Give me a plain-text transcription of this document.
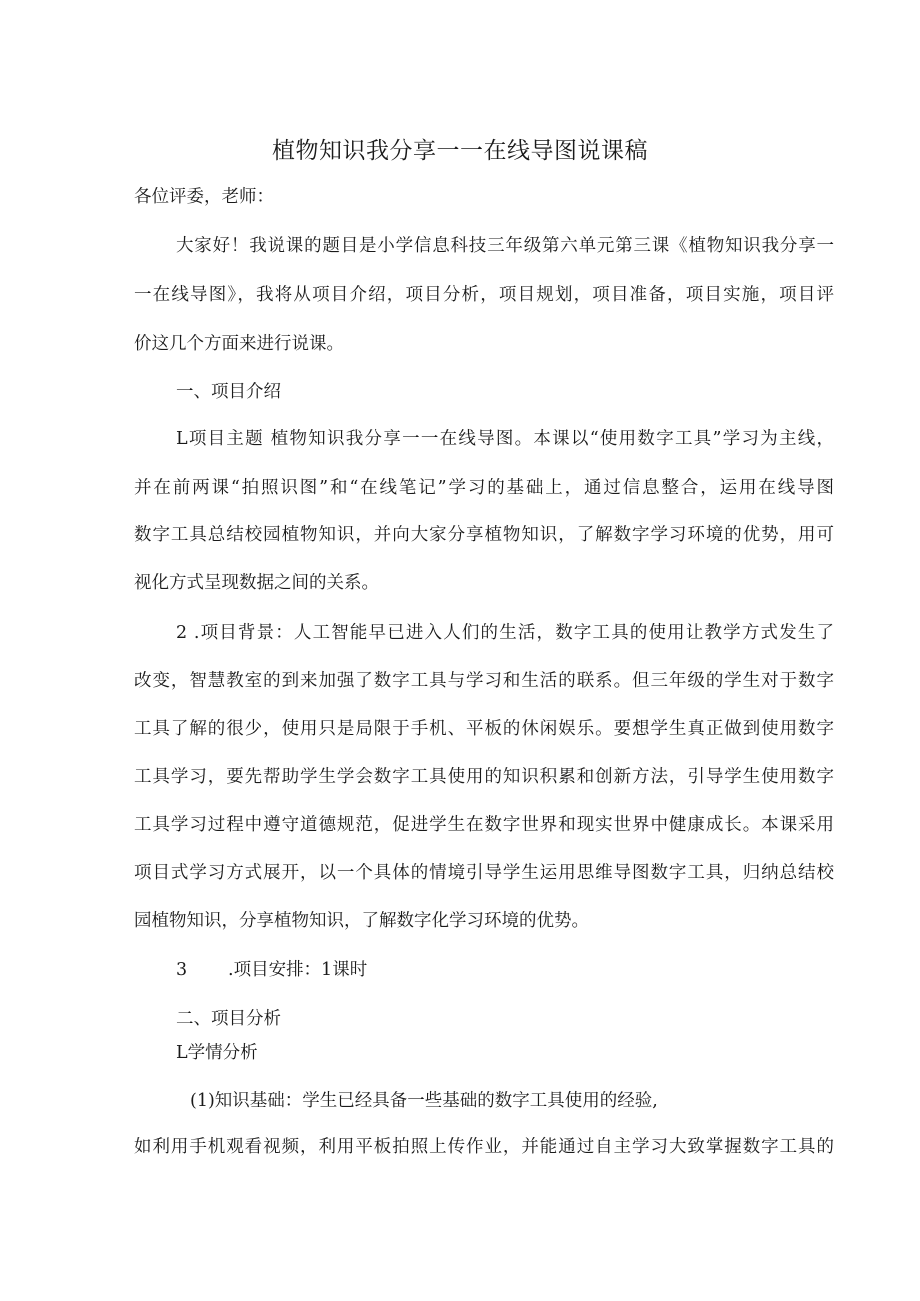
植物知识我分享一一在线导图说课稿
各位评委，老师：
大家好！我说课的题目是小学信息科技三年级第六单元第三课《植物知识我分享一
一在线导图》，我将从项目介绍，项目分析，项目规划，项目准备，项目实施，项目评
价这几个方面来进行说课。
一、项目介绍
L项目主题 植物知识我分享一一在线导图。本课以“使用数字工具”学习为主线，
并在前两课“拍照识图”和“在线笔记”学习的基础上，通过信息整合，运用在线导图
数字工具总结校园植物知识，并向大家分享植物知识，了解数字学习环境的优势，用可
视化方式呈现数据之间的关系。
2 .项目背景：人工智能早已进入人们的生活，数字工具的使用让教学方式发生了
改变，智慧教室的到来加强了数字工具与学习和生活的联系。但三年级的学生对于数字
工具了解的很少，使用只是局限于手机、平板的休闲娱乐。要想学生真正做到使用数字
工具学习，要先帮助学生学会数字工具使用的知识积累和创新方法，引导学生使用数字
工具学习过程中遵守道德规范，促进学生在数字世界和现实世界中健康成长。本课采用
项目式学习方式展开，以一个具体的情境引导学生运用思维导图数字工具，归纳总结校
园植物知识，分享植物知识，了解数字化学习环境的优势。
3	.项目安排：1课时
二、项目分析
L学情分析
(1)知识基础：学生已经具备一些基础的数字工具使用的经验,
如利用手机观看视频，利用平板拍照上传作业，并能通过自主学习大致掌握数字工具的
